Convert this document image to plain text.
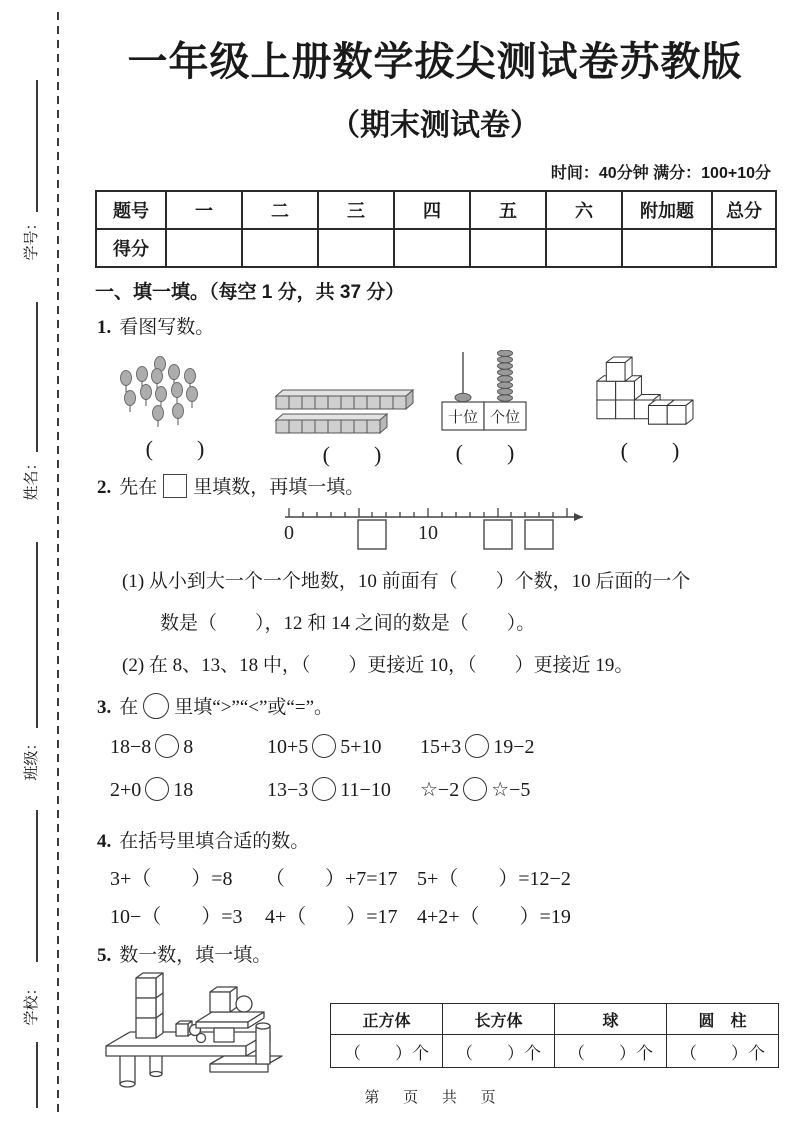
学号：
姓名：
班级：
学校：
一年级上册数学拔尖测试卷苏教版
（期末测试卷）
时间：40分钟 满分：100+10分
题号	一	二	三	四	五	六	附加题	总分
得分								
一、填一填。（每空 1 分，共 37 分）
1. 看图写数。
(　　)	(　　)
十位 个位
(　　)	(　　)
2. 先在 里填数，再填一填。
0	10
(1) 从小到大一个一个地数，10 前面有（　　）个数，10 后面的一个
数是（　　），12 和 14 之间的数是（　　）。
(2) 在 8、13、18 中，（　　）更接近 10，（　　）更接近 19。
3. 在 里填“>”“<”或“=”。
18−8 8	10+5 5+10 15+3 19−2
2+0 18	13−3 11−10 ☆−2 ☆−5
4. 在括号里填合适的数。
3+（　　）=8 （　　）+7=17 5+（　　）=12−2
10−（　　）=3 4+（　　）=17 4+2+（　　）=19
5. 数一数，填一填。
正方体	长方体	球	圆　柱
（　　）个	（　　）个	（　　）个	（　　）个
第 页 共 页
